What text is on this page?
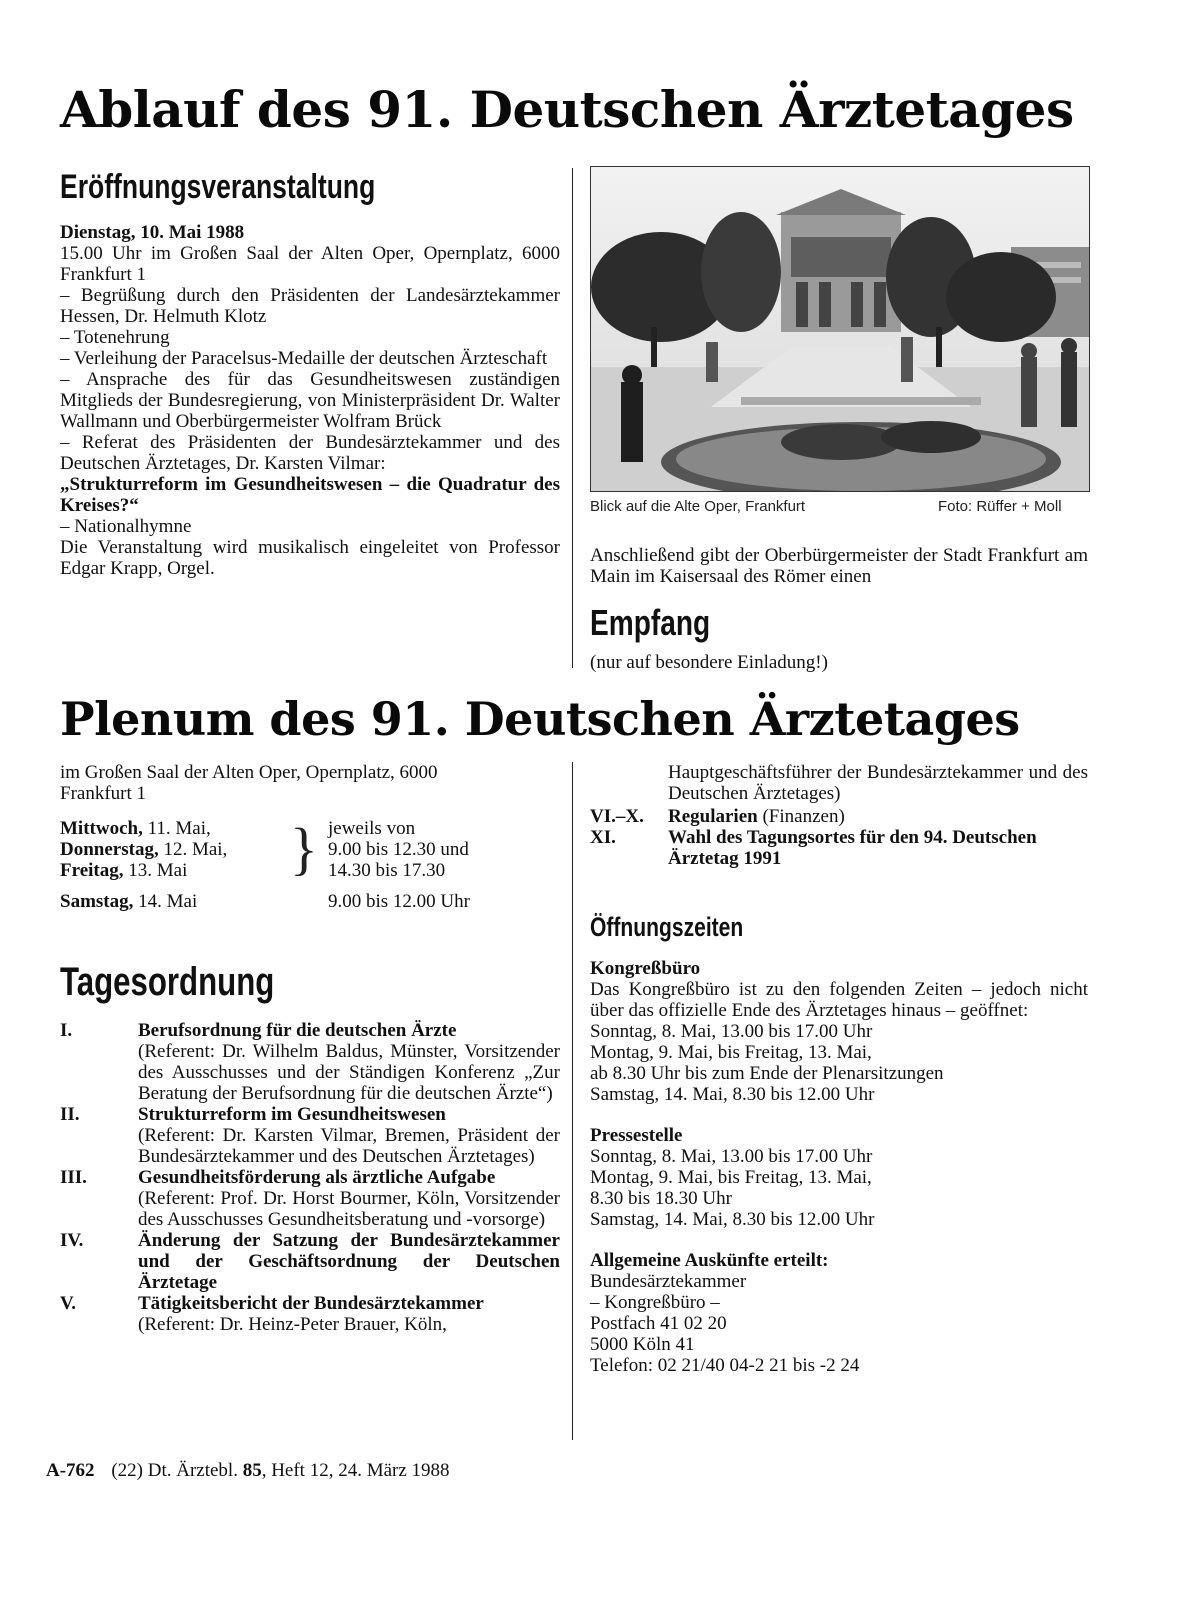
Ablauf des 91. Deutschen Ärztetages
Eröffnungsveranstaltung

Dienstag, 10. Mai 1988

15.00 Uhr im Großen Saal der Alten Oper, Opernplatz, 6000 Frankfurt 1

– Begrüßung durch den Präsidenten der Landesärztekammer Hessen, Dr. Helmuth Klotz

– Totenehrung

– Verleihung der Paracelsus-Medaille der deutschen Ärzteschaft

– Ansprache des für das Gesundheitswesen zuständigen Mitglieds der Bundesregierung, von Ministerpräsident Dr. Walter Wallmann und Oberbürgermeister Wolfram Brück

– Referat des Präsidenten der Bundesärztekammer und des Deutschen Ärztetages, Dr. Karsten Vilmar:

„Strukturreform im Gesundheitswesen – die Quadratur des Kreises?“

– Nationalhymne

Die Veranstaltung wird musikalisch eingeleitet von Professor Edgar Krapp, Orgel.

Blick auf die Alte Oper, Frankfurt	Foto: Rüffer + Moll
Anschließend gibt der Oberbürgermeister der Stadt Frankfurt am Main im Kaisersaal des Römer einen
Empfang
(nur auf besondere Einladung!)
Plenum des 91. Deutschen Ärztetages
im Großen Saal der Alten Oper, Opernplatz, 6000 Frankfurt 1
Mittwoch, 11. Mai,	}	jeweils von
Donnerstag, 12. Mai,		9.00 bis 12.30 und
Freitag, 13. Mai		14.30 bis 17.30
Samstag, 14. Mai	9.00 bis 12.00 Uhr
Tagesordnung
I.	Berufsordnung für die deutschen Ärzte
(Referent: Dr. Wilhelm Baldus, Münster, Vorsitzender des Ausschusses und der Ständigen Konferenz „Zur Beratung der Berufsordnung für die deutschen Ärzte“)
II.	Strukturreform im Gesundheitswesen
(Referent: Dr. Karsten Vilmar, Bremen, Präsident der Bundesärztekammer und des Deutschen Ärztetages)
III.	Gesundheitsförderung als ärztliche Aufgabe
(Referent: Prof. Dr. Horst Bourmer, Köln, Vorsitzender des Ausschusses Gesundheitsberatung und -vorsorge)
IV.	Änderung der Satzung der Bundesärztekammer und der Geschäftsordnung der Deutschen Ärztetage
V.	Tätigkeitsbericht der Bundesärztekammer
(Referent: Dr. Heinz-Peter Brauer, Köln,
Hauptgeschäftsführer der Bundesärztekammer und des Deutschen Ärztetages)
VI.–X.	Regularien (Finanzen)
XI.	Wahl des Tagungsortes für den 94. Deutschen Ärztetag 1991
Öffnungszeiten

Kongreßbüro

Das Kongreßbüro ist zu den folgenden Zeiten – jedoch nicht über das offizielle Ende des Ärztetages hinaus – geöffnet:

Sonntag, 8. Mai, 13.00 bis 17.00 Uhr

Montag, 9. Mai, bis Freitag, 13. Mai,

ab 8.30 Uhr bis zum Ende der Plenarsitzungen

Samstag, 14. Mai, 8.30 bis 12.00 Uhr

Pressestelle

Sonntag, 8. Mai, 13.00 bis 17.00 Uhr

Montag, 9. Mai, bis Freitag, 13. Mai,

8.30 bis 18.30 Uhr

Samstag, 14. Mai, 8.30 bis 12.00 Uhr

Allgemeine Auskünfte erteilt:

Bundesärztekammer

– Kongreßbüro –

Postfach 41 02 20

5000 Köln 41

Telefon: 02 21/40 04-2 21 bis -2 24

A-762 (22) Dt. Ärztebl. 85, Heft 12, 24. März 1988
